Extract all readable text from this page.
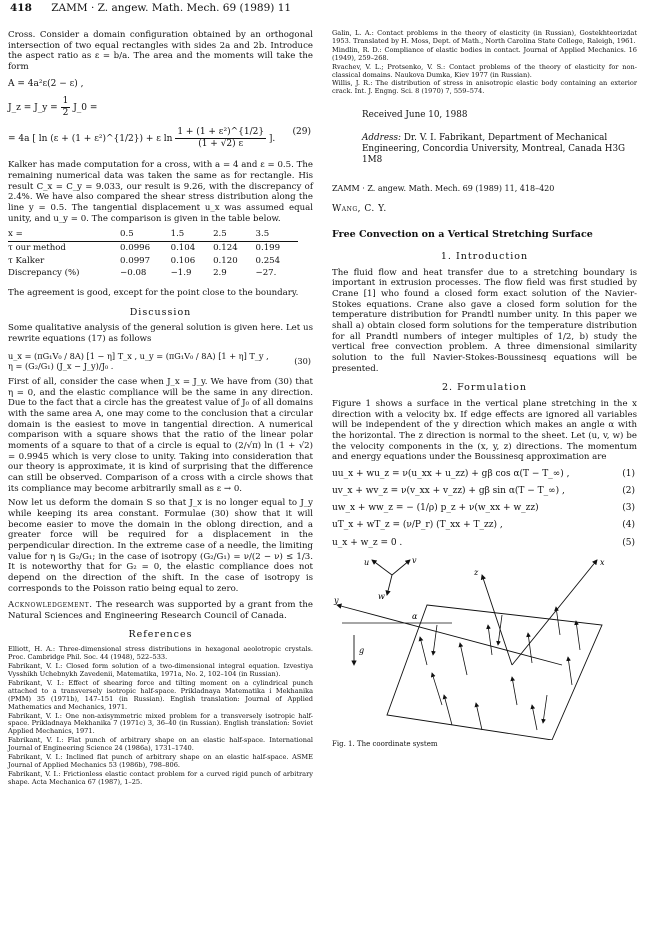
418 ZAMM · Z. angew. Math. Mech. 69 (1989) 11

Cross. Consider a domain configuration obtained by an orthogonal intersection of two equal rectangles with sides 2a and 2b. Introduce the aspect ratio as ε = b/a. The area and the moments will take the form

A = 4a²ε(2 − ε) ,
J_z = J_y = $\frac{1}{2}$ J_0 =
= 4a [ ln (ε + (1 + ε²)^{1/2}) + ε $\ln \frac{\text{1 + (1 + ε²)\textasciicircum{}\{1/2\}}}{(1 + √2) \varepsilon}$ ].
(29)

Kalker has made computation for a cross, with a = 4 and ε = 0.5. The remaining numerical data was taken the same as for rectangle. His result C_x = C_y = 9.033, our result is 9.26, with the discrepancy of 2.4%. We have also compared the shear stress distribution along the line y = 0.5. The tangential displacement u_x was assumed equal unity, and u_y = 0. The comparison is given in the table below.

x =	0.5	1.5	2.5	3.5
τ our method	0.0996	0.104	0.124	0.199
τ Kalker	0.0997	0.106	0.120	0.254
Discrepancy (%)	−0.08	−1.9	2.9	−27.

The agreement is good, except for the point close to the boundary.

Discussion

Some qualitative analysis of the general solution is given here. Let us rewrite equations (17) as follows

u_x = (πG₁V₀ / 8A) [1 − η] T_x , u_y = (πG₁V₀ / 8A) [1 + η] T_y ,
η = (G₂/G₁) (J_x − J_y)/J₀ .
(30)

First of all, consider the case when J_x = J_y. We have from (30) that η = 0, and the elastic compliance will be the same in any direction. Due to the fact that a circle has the greatest value of J₀ of all domains with the same area A, one may come to the conclusion that a circular domain is the easiest to move in tangential direction. A numerical comparison with a square shows that the ratio of the linear polar moments of a square to that of a circle is equal to (2/√π) ln (1 + √2) = 0.9945 which is very close to unity. Taking into consideration that our theory is approximate, it is kind of surprising that the difference can still be observed. Comparison of a cross with a circle shows that its compliance may become arbitrarily small as ε → 0.

Now let us deform the domain S so that J_x is no longer equal to J_y while keeping its area constant. Formulae (30) show that it will become easier to move the domain in the oblong direction, and a greater force will be required for a displacement in the perpendicular direction. In the extreme case of a needle, the limiting value for η is G₂/G₁; in the case of isotropy (G₂/G₁) = ν/(2 − ν) ≤ 1/3. It is noteworthy that for G₂ = 0, the elastic compliance does not depend on the direction of the shift. In the case of isotropy is corresponds to the Poisson ratio being equal to zero.

Acknowledgement. The research was supported by a grant from the Natural Sciences and Engineering Research Council of Canada.

References
Elliott, H. A.: Three-dimensional stress distributions in hexagonal aeolotropic crystals. Proc. Cambridge Phil. Soc. 44 (1948), 522–533.
Fabrikant, V. I.: Closed form solution of a two-dimensional integral equation. Izvestiya Vysshikh Uchebnykh Zavedenii, Matematika, 1971a, No. 2, 102–104 (in Russian).
Fabrikant, V. I.: Effect of shearing force and tilting moment on a cylindrical punch attached to a transversely isotropic half-space. Prikladnaya Matematika i Mekhanika (PMM) 35 (1971b), 147–151 (in Russian). English translation: Journal of Applied Mathematics and Mechanics, 1971.
Fabrikant, V. I.: One non-axisymmetric mixed problem for a transversely isotropic half-space. Prikladnaya Mekhanika 7 (1971c) 3, 36–40 (in Russian). English translation: Soviet Applied Mechanics, 1971.
Fabrikant, V. I.: Flat punch of arbitrary shape on an elastic half-space. International Journal of Engineering Science 24 (1986a), 1731–1740.
Fabrikant, V. I.: Inclined flat punch of arbitrary shape on an elastic half-space. ASME Journal of Applied Mechanics 53 (1986b), 798–806.
Fabrikant, V. I.: Frictionless elastic contact problem for a curved rigid punch of arbitrary shape. Acta Mechanica 67 (1987), 1–25.
Galin, L. A.: Contact problems in the theory of elasticity (in Russian), Gostekhteorizdat 1953. Translated by H. Moss, Dept. of Math., North Carolina State College, Raleigh, 1961.
Mindlin, R. D.: Compliance of elastic bodies in contact. Journal of Applied Mechanics. 16 (1949), 259–268.
Rvachev, V. L.; Protsenko, V. S.: Contact problems of the theory of elasticity for non-classical domains. Naukova Dumka, Kiev 1977 (in Russian).
Willis, J. R.: The distribution of stress in anisotropic elastic body containing an exterior crack. Int. J. Engng. Sci. 8 (1970) 7, 559–574.
Received June 10, 1988
Address: Dr. V. I. Fabrikant, Department of Mechanical Engineering, Concordia University, Montreal, Canada H3G 1M8
ZAMM · Z. angew. Math. Mech. 69 (1989) 11, 418–420
Wang, C. Y.
Free Convection on a Vertical Stretching Surface
1. Introduction

The fluid flow and heat transfer due to a stretching boundary is important in extrusion processes. The flow field was first studied by Crane [1] who found a closed form exact solution of the Navier-Stokes equations. Crane also gave a closed form solution for the temperature distribution for Prandtl number unity. In this paper we shall a) obtain closed form solutions for the temperature distribution for all Prandtl numbers of integer multiples of 1/2, b) study the vertical free convection problem. A three dimensional similarity solution to the full Navier-Stokes-Boussinesq equations will be presented.

2. Formulation

Figure 1 shows a surface in the vertical plane stretching in the x direction with a velocity bx. If edge effects are ignored all variables will be independent of the y direction which makes an angle α with the horizontal. The z direction is normal to the sheet. Let (u, v, w) be the velocity components in the (x, y, z) directions. The momentum and energy equations under the Boussinesq approximation are

uu_x + wu_z = ν(u_xx + u_zz) + gβ cos α(T − T_∞) ,	(1)
uv_x + wv_z = ν(v_xx + v_zz) + gβ sin α(T − T_∞) ,	(2)
uw_x + ww_z = − (1/ρ) p_z + ν(w_xx + w_zz)	(3)
uT_x + wT_z = (ν/P_r) (T_xx + T_zz) ,	(4)
u_x + w_z = 0 .	(5)
u	v
w
y
α
g
x
z
Fig. 1. The coordinate system
